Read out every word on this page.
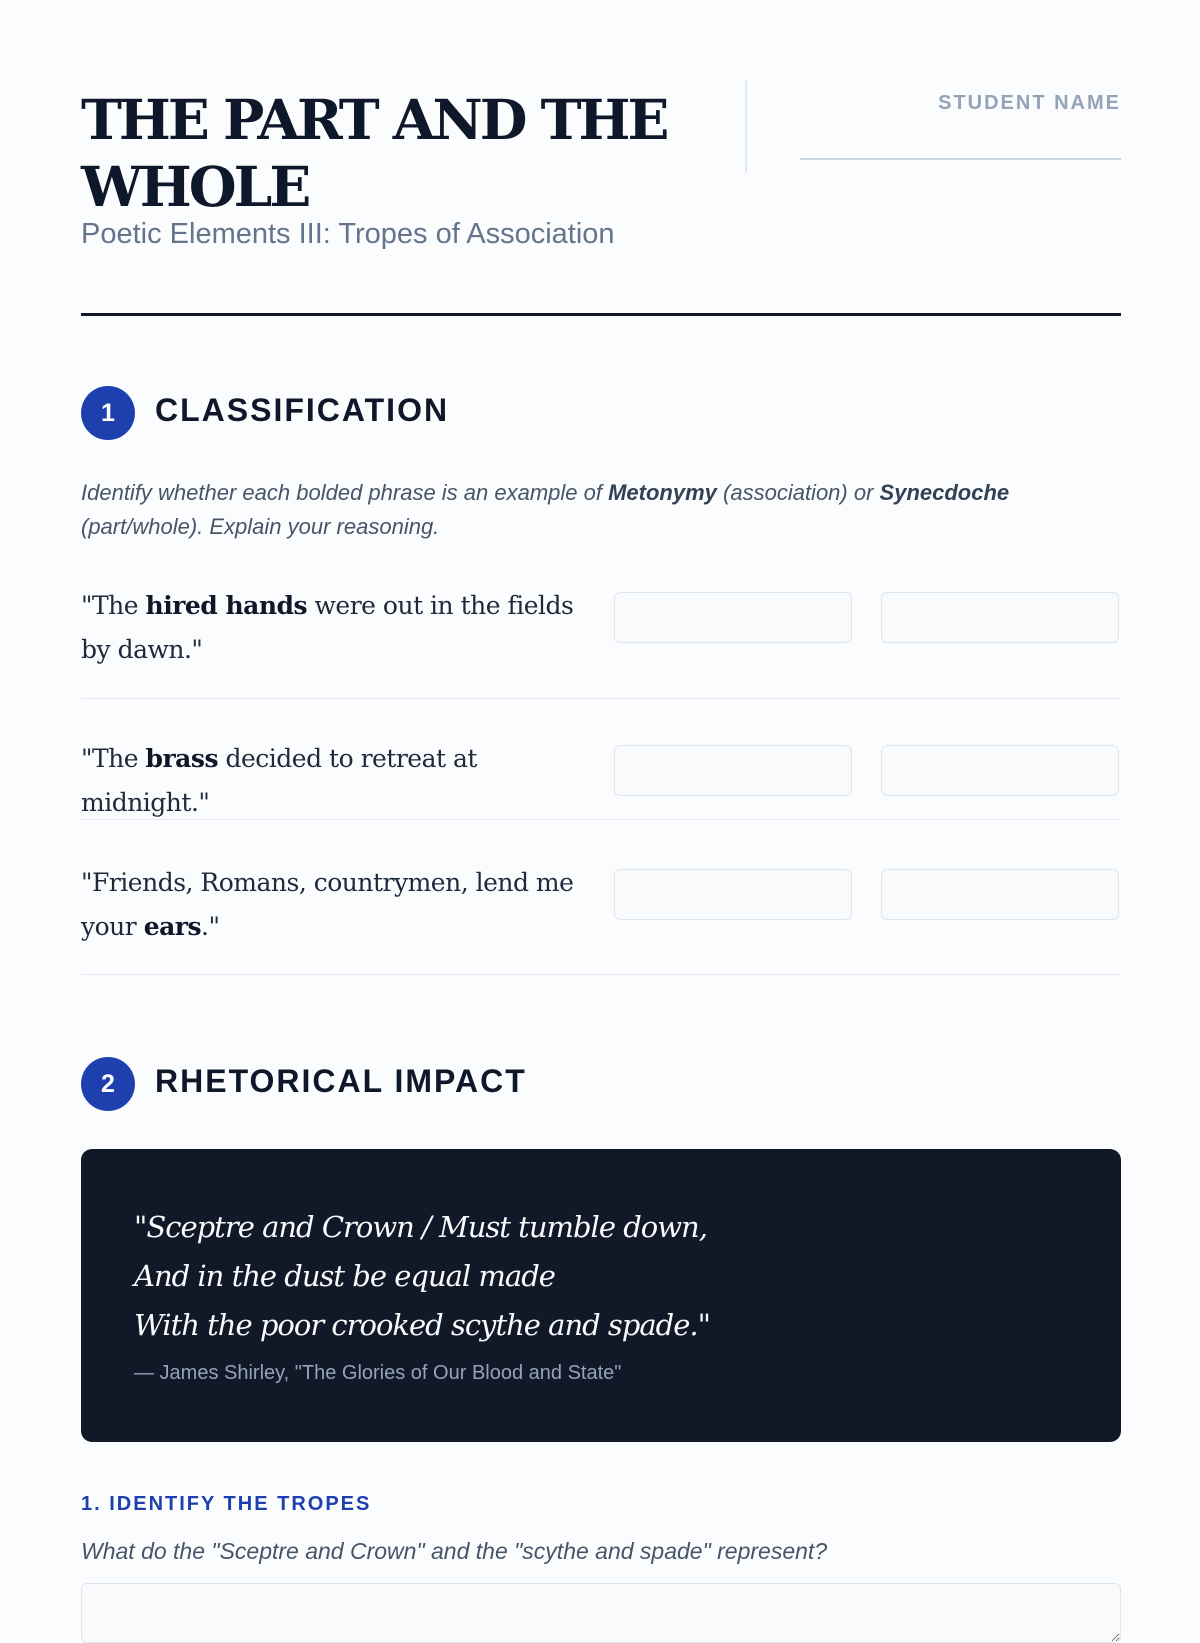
THE PART AND THE WHOLE
Poetic Elements III: Tropes of Association
STUDENT NAME
1	CLASSIFICATION

Identify whether each bolded phrase is an example of Metonymy (association) or Synecdoche (part/whole). Explain your reasoning.

"The hired hands were out in the fields by dawn."
"The brass decided to retreat at midnight."
"Friends, Romans, countrymen, lend me your ears."
2	RHETORICAL IMPACT
"Sceptre and Crown / Must tumble down,
And in the dust be equal made
With the poor crooked scythe and spade."
— James Shirley, "The Glories of Our Blood and State"
1. IDENTIFY THE TROPES
What do the "Sceptre and Crown" and the "scythe and spade" represent?
